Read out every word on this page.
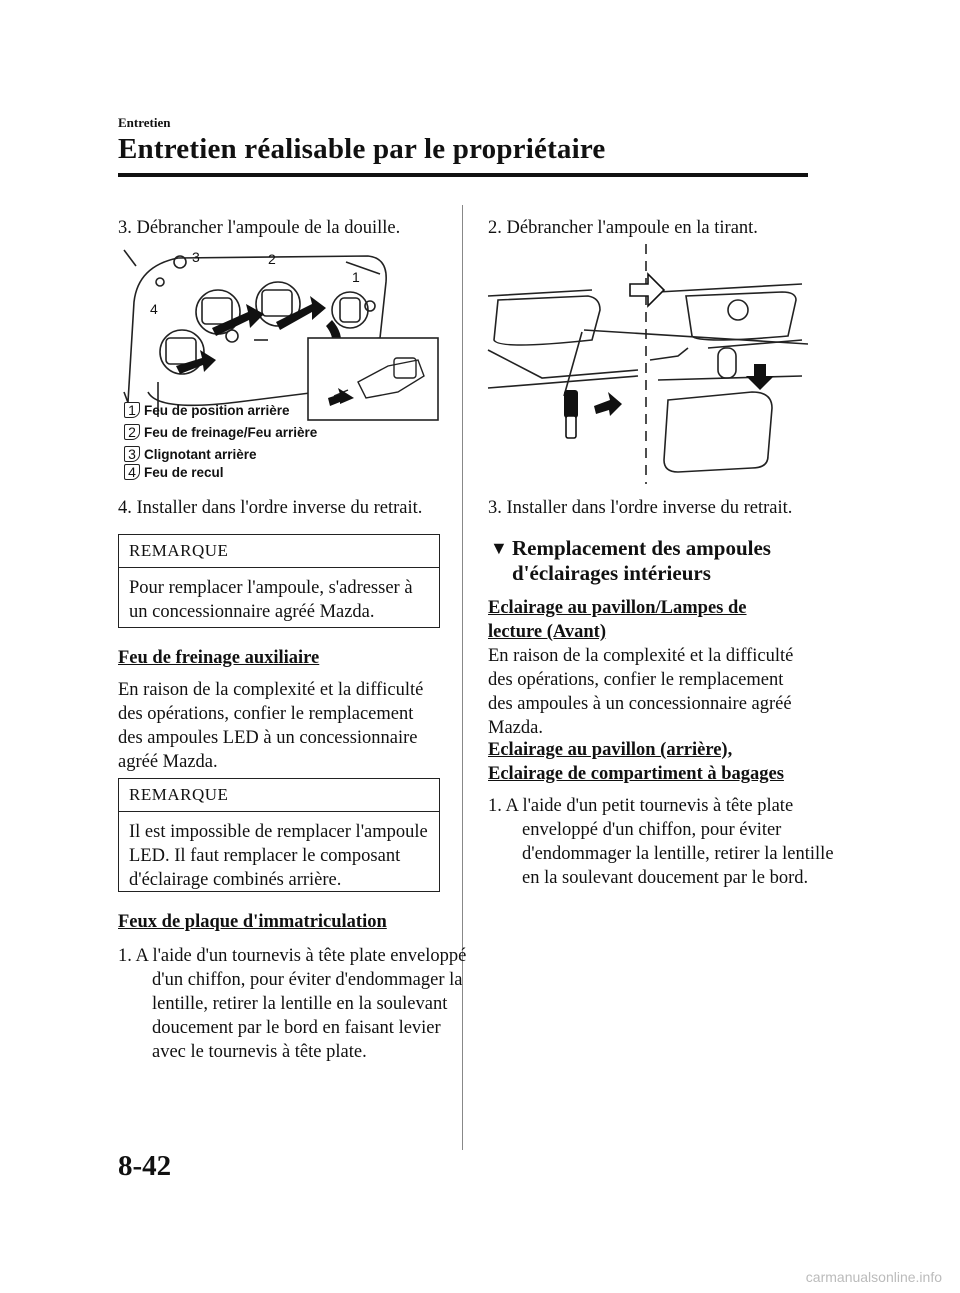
Entretien
Entretien réalisable par le propriétaire
3. Débrancher l'ampoule de la douille.
3	2
1
4
1 Feu de position arrière
2 Feu de freinage/Feu arrière
3 Clignotant arrière
4 Feu de recul
4. Installer dans l'ordre inverse du retrait.
REMARQUE
Pour remplacer l'ampoule, s'adresser à un concessionnaire agréé Mazda.
Feu de freinage auxiliaire
En raison de la complexité et la difficulté des opérations, confier le remplacement des ampoules LED à un concessionnaire agréé Mazda.
REMARQUE
Il est impossible de remplacer l'ampoule LED. Il faut remplacer le composant d'éclairage combinés arrière.
Feux de plaque d'immatriculation
1. A l'aide d'un tournevis à tête plate enveloppé d'un chiffon, pour éviter d'endommager la lentille, retirer la lentille en la soulevant doucement par le bord en faisant levier avec le tournevis à tête plate.
2. Débrancher l'ampoule en la tirant.
3. Installer dans l'ordre inverse du retrait.
▼ Remplacement des ampoules d'éclairages intérieurs
Eclairage au pavillon/Lampes de lecture (Avant)
En raison de la complexité et la difficulté des opérations, confier le remplacement des ampoules à un concessionnaire agréé Mazda.
Eclairage au pavillon (arrière), Eclairage de compartiment à bagages
1. A l'aide d'un petit tournevis à tête plate enveloppé d'un chiffon, pour éviter d'endommager la lentille, retirer la lentille en la soulevant doucement par le bord.
8-42
carmanualsonline.info
